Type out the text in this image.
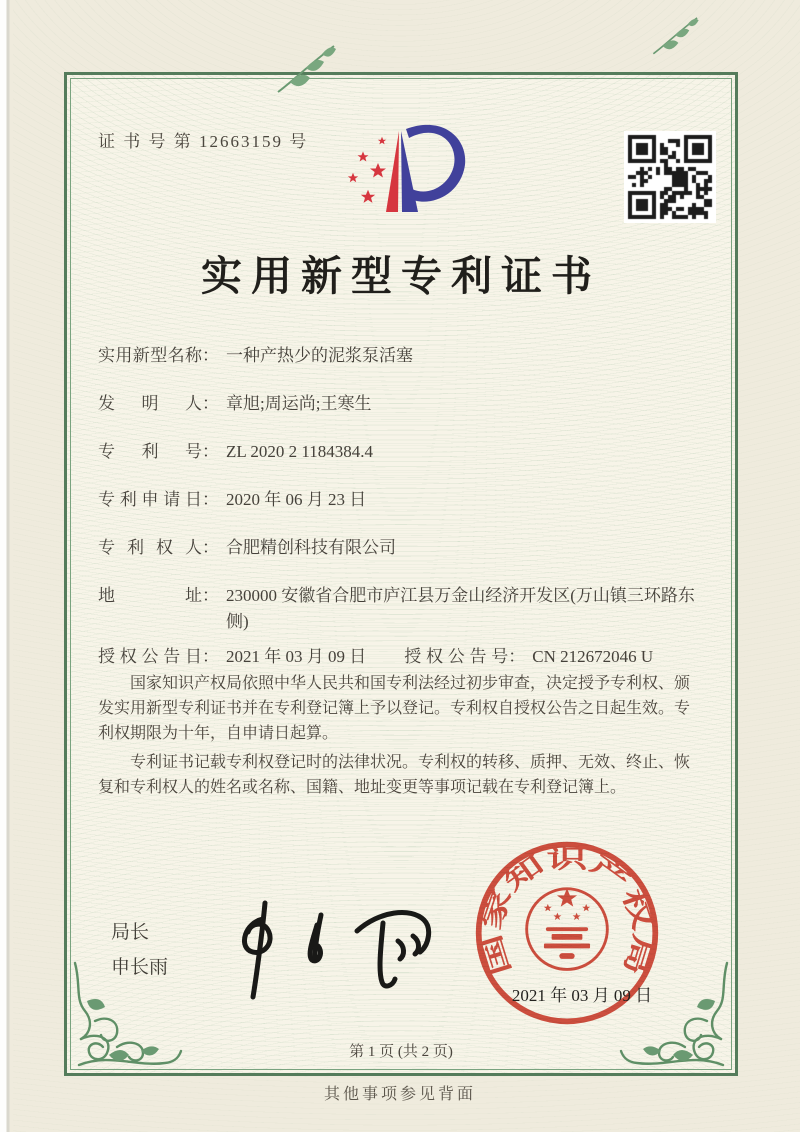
证 书 号 第 12663159 号
实用新型专利证书
实用新型名称 ： 一种产热少的泥浆泵活塞
发明人 ： 章旭;周运尚;王寒生
专利号 ： ZL 2020 2 1184384.4
专利申请日 ： 2020 年 06 月 23 日
专利权人 ： 合肥精创科技有限公司
地址 ： 230000 安徽省合肥市庐江县万金山经济开发区(万山镇三环路东侧)
授权公告日 ： 2021 年 03 月 09 日 授权公告号 ： CN 212672046 U

国家知识产权局依照中华人民共和国专利法经过初步审查，决定授予专利权、颁发实用新型专利证书并在专利登记簿上予以登记。专利权自授权公告之日起生效。专利权期限为十年，自申请日起算。

专利证书记载专利权登记时的法律状况。专利权的转移、质押、无效、终止、恢复和专利权人的姓名或名称、国籍、地址变更等事项记载在专利登记簿上。

局长
申长雨	国家知识产权局
2021 年 03 月 09 日
第 1 页 (共 2 页)
其他事项参见背面
